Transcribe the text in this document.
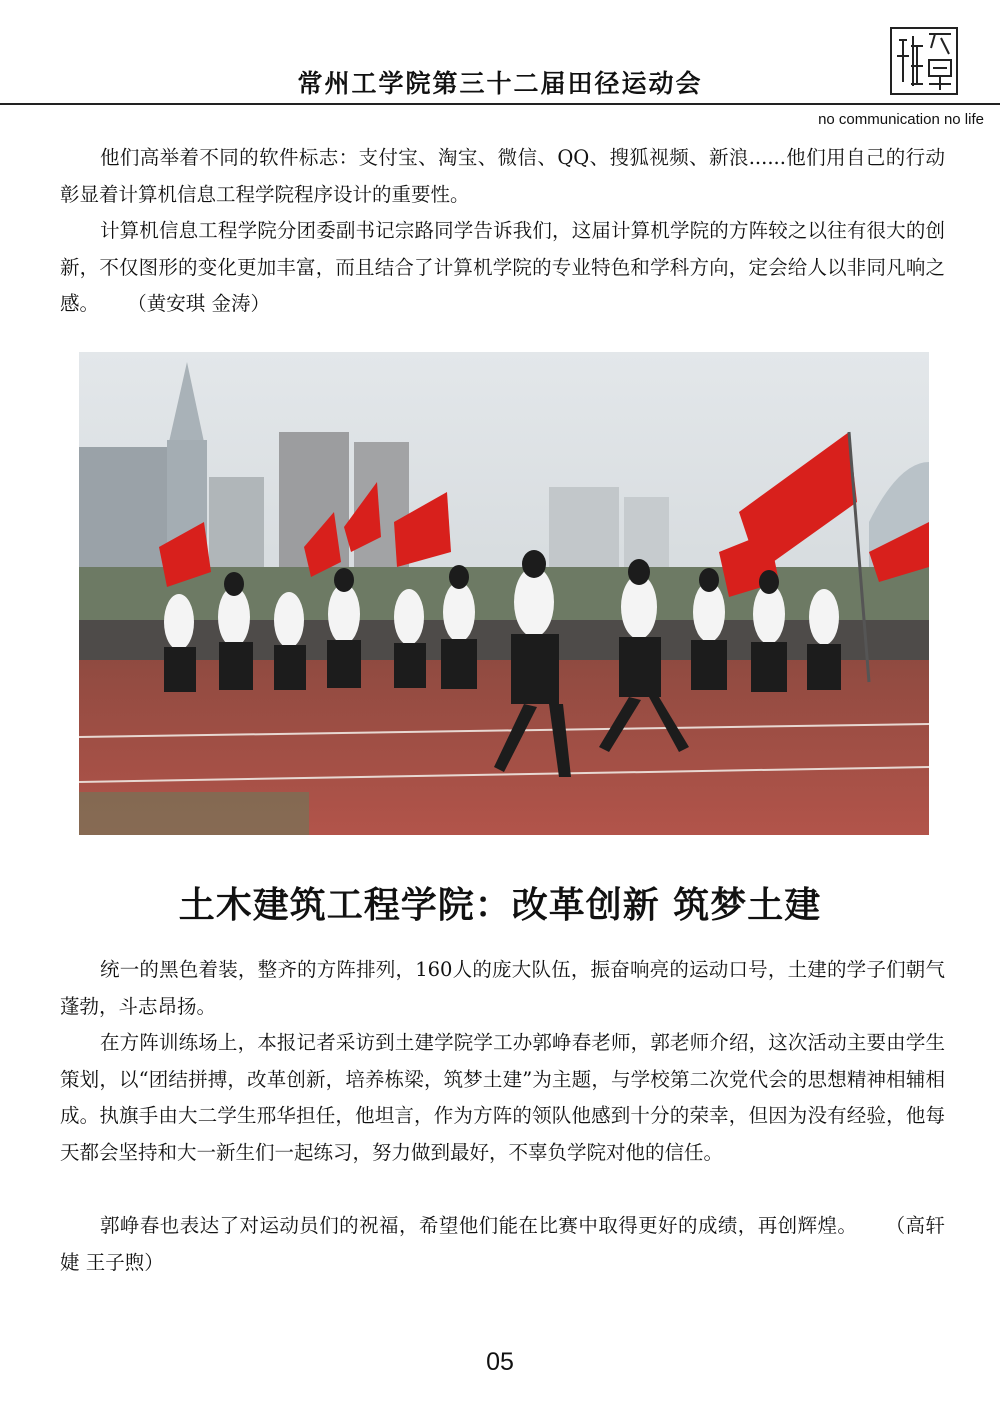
常州工学院第三十二届田径运动会
no communication no life

他们高举着不同的软件标志：支付宝、淘宝、微信、QQ、搜狐视频、新浪......他们用自己的行动彰显着计算机信息工程学院程序设计的重要性。

计算机信息工程学院分团委副书记宗路同学告诉我们，这届计算机学院的方阵较之以往有很大的创新，不仅图形的变化更加丰富，而且结合了计算机学院的专业特色和学科方向，定会给人以非同凡响之感。 （黄安琪 金涛）

土木建筑工程学院：改革创新 筑梦土建

统一的黑色着装，整齐的方阵排列，160人的庞大队伍，振奋响亮的运动口号，土建的学子们朝气蓬勃，斗志昂扬。

在方阵训练场上，本报记者采访到土建学院学工办郭峥春老师，郭老师介绍，这次活动主要由学生策划，以“团结拼搏，改革创新，培养栋梁，筑梦土建”为主题，与学校第二次党代会的思想精神相辅相成。执旗手由大二学生邢华担任，他坦言，作为方阵的领队他感到十分的荣幸，但因为没有经验，他每天都会坚持和大一新生们一起练习，努力做到最好，不辜负学院对他的信任。

郭峥春也表达了对运动员们的祝福，希望他们能在比赛中取得更好的成绩，再创辉煌。 （高轩婕 王子煦）

05
